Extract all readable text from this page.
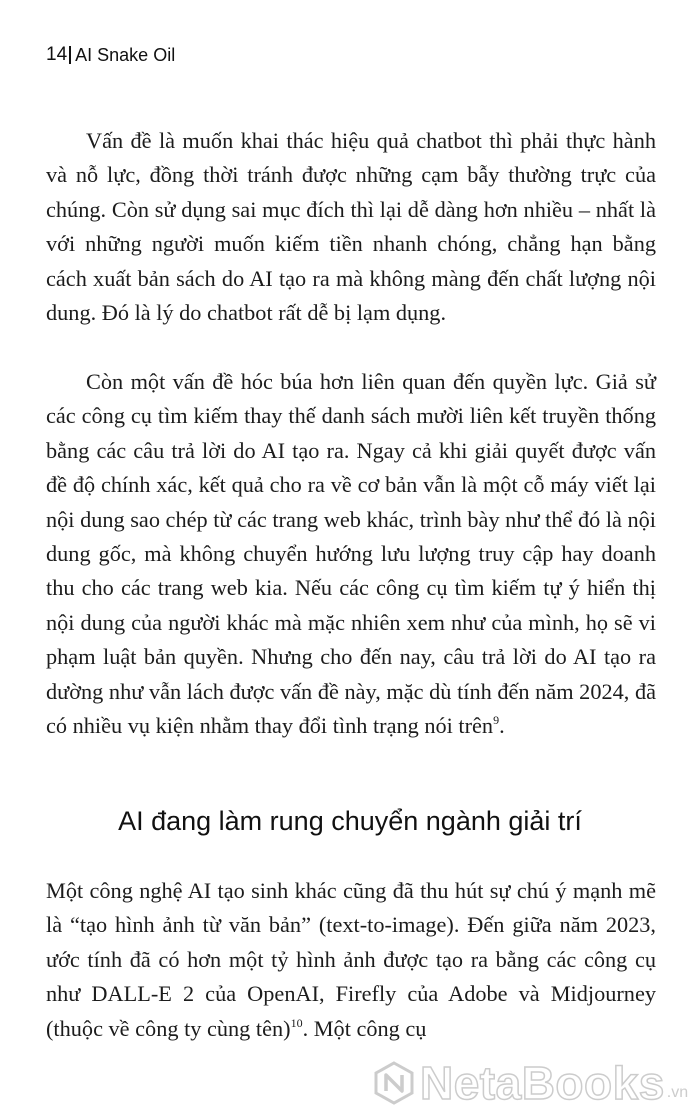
14 AI Snake Oil

Vấn đề là muốn khai thác hiệu quả chatbot thì phải thực hành và nỗ lực, đồng thời tránh được những cạm bẫy thường trực của chúng. Còn sử dụng sai mục đích thì lại dễ dàng hơn nhiều – nhất là với những người muốn kiếm tiền nhanh chóng, chẳng hạn bằng cách xuất bản sách do AI tạo ra mà không màng đến chất lượng nội dung. Đó là lý do chatbot rất dễ bị lạm dụng.

Còn một vấn đề hóc búa hơn liên quan đến quyền lực. Giả sử các công cụ tìm kiếm thay thế danh sách mười liên kết truyền thống bằng các câu trả lời do AI tạo ra. Ngay cả khi giải quyết được vấn đề độ chính xác, kết quả cho ra về cơ bản vẫn là một cỗ máy viết lại nội dung sao chép từ các trang web khác, trình bày như thể đó là nội dung gốc, mà không chuyển hướng lưu lượng truy cập hay doanh thu cho các trang web kia. Nếu các công cụ tìm kiếm tự ý hiển thị nội dung của người khác mà mặc nhiên xem như của mình, họ sẽ vi phạm luật bản quyền. Nhưng cho đến nay, câu trả lời do AI tạo ra dường như vẫn lách được vấn đề này, mặc dù tính đến năm 2024, đã có nhiều vụ kiện nhằm thay đổi tình trạng nói trên$^9$.

AI đang làm rung chuyển ngành giải trí

Một công nghệ AI tạo sinh khác cũng đã thu hút sự chú ý mạnh mẽ là “tạo hình ảnh từ văn bản” (text-to-image). Đến giữa năm 2023, ước tính đã có hơn một tỷ hình ảnh được tạo ra bằng các công cụ như DALL-E 2 của OpenAI, Firefly của Adobe và Midjourney (thuộc về công ty cùng tên)$^{10}$. Một công cụ

NetaBooks .vn
